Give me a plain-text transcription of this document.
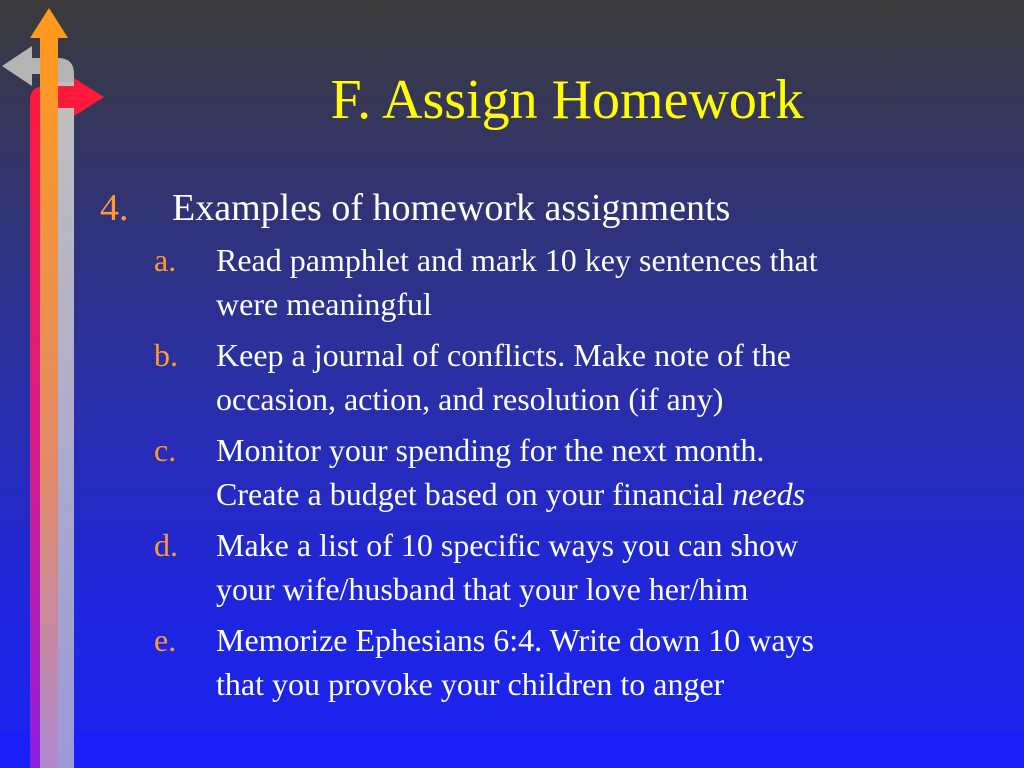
F. Assign Homework
4.	Examples of homework assignments
a.	Read pamphlet and mark 10 key sentences that
were meaningful
b.	Keep a journal of conflicts. Make note of the
occasion, action, and resolution (if any)
c.	Monitor your spending for the next month.
Create a budget based on your financial needs
d.	Make a list of 10 specific ways you can show
your wife/husband that your love her/him
e.	Memorize Ephesians 6:4. Write down 10 ways
that you provoke your children to anger
